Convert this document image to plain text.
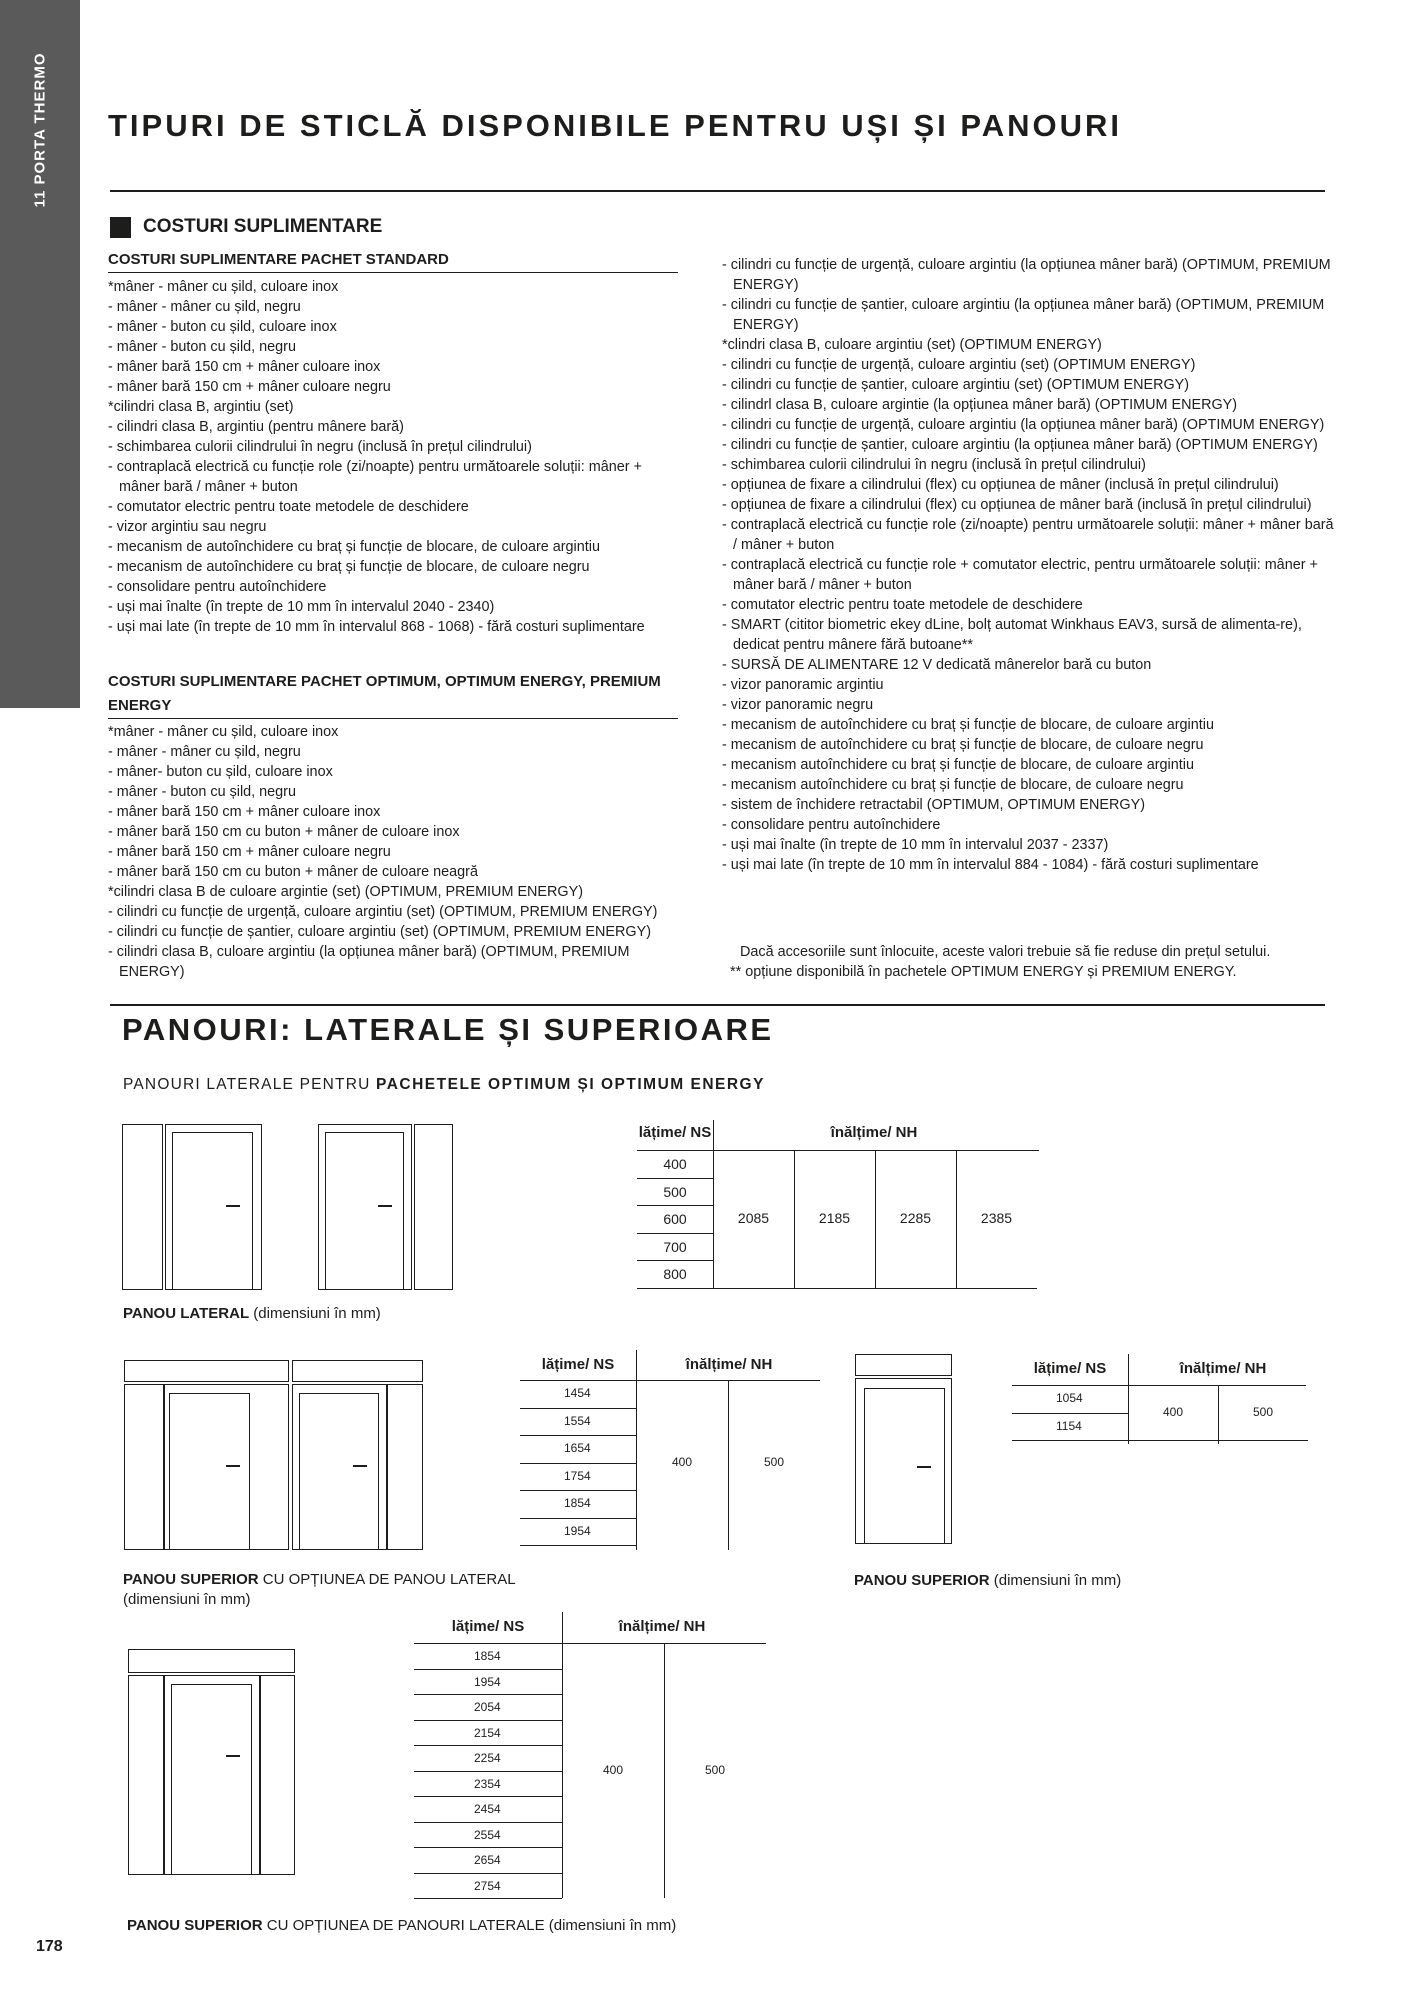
11 PORTA THERMO TIPURI DE STICLĂ DISPONIBILE PENTRU UȘI ȘI PANOURI
COSTURI SUPLIMENTARE
COSTURI SUPLIMENTARE PACHET STANDARD
*mâner - mâner cu șild, culoare inox
- mâner - mâner cu șild, negru
- mâner - buton cu șild, culoare inox
- mâner - buton cu șild, negru
- mâner bară 150 cm + mâner culoare inox
- mâner bară 150 cm + mâner culoare negru
*cilindri clasa B, argintiu (set)
- cilindri clasa B, argintiu (pentru mânere bară)
- schimbarea culorii cilindrului în negru (inclusă în prețul cilindrului)
- contraplacă electrică cu funcție role (zi/noapte) pentru următoarele soluții: mâner + mâner bară / mâner + buton
- comutator electric pentru toate metodele de deschidere
- vizor argintiu sau negru
- mecanism de autoînchidere cu braț și funcție de blocare, de culoare argintiu
- mecanism de autoînchidere cu braț și funcție de blocare, de culoare negru
- consolidare pentru autoînchidere
- uși mai înalte (în trepte de 10 mm în intervalul 2040 - 2340)
- uși mai late (în trepte de 10 mm în intervalul 868 - 1068) - fără costuri suplimentare
COSTURI SUPLIMENTARE PACHET OPTIMUM, OPTIMUM ENERGY, PREMIUM ENERGY
*mâner - mâner cu șild, culoare inox
- mâner - mâner cu șild, negru
- mâner- buton cu șild, culoare inox
- mâner - buton cu șild, negru
- mâner bară 150 cm + mâner culoare inox
- mâner bară 150 cm cu buton + mâner de culoare inox
- mâner bară 150 cm + mâner culoare negru
- mâner bară 150 cm cu buton + mâner de culoare neagră
*cilindri clasa B de culoare argintie (set) (OPTIMUM, PREMIUM ENERGY)
- cilindri cu funcție de urgență, culoare argintiu (set) (OPTIMUM, PREMIUM ENERGY)
- cilindri cu funcție de șantier, culoare argintiu (set) (OPTIMUM, PREMIUM ENERGY)
- cilindri clasa B, culoare argintiu (la opțiunea mâner bară) (OPTIMUM, PREMIUM ENERGY)
- cilindri cu funcție de urgență, culoare argintiu (la opțiunea mâner bară) (OPTIMUM, PREMIUM ENERGY)
- cilindri cu funcție de șantier, culoare argintiu (la opțiunea mâner bară) (OPTIMUM, PREMIUM ENERGY)
*clindri clasa B, culoare argintiu (set) (OPTIMUM ENERGY)
- cilindri cu funcție de urgență, culoare argintiu (set) (OPTIMUM ENERGY)
- cilindri cu funcție de șantier, culoare argintiu (set) (OPTIMUM ENERGY)
- cilindrl clasa B, culoare argintie (la opțiunea mâner bară) (OPTIMUM ENERGY)
- cilindri cu funcție de urgență, culoare argintiu (la opțiunea mâner bară) (OPTIMUM ENERGY)
- cilindri cu funcție de șantier, culoare argintiu (la opțiunea mâner bară) (OPTIMUM ENERGY)
- schimbarea culorii cilindrului în negru (inclusă în prețul cilindrului)
- opțiunea de fixare a cilindrului (flex) cu opțiunea de mâner (inclusă în prețul cilindrului)
- opțiunea de fixare a cilindrului (flex) cu opțiunea de mâner bară (inclusă în prețul cilindrului)
- contraplacă electrică cu funcție role (zi/noapte) pentru următoarele soluții: mâner + mâner bară / mâner + buton
- contraplacă electrică cu funcție role + comutator electric, pentru următoarele soluții: mâner + mâner bară / mâner + buton
- comutator electric pentru toate metodele de deschidere
- SMART (cititor biometric ekey dLine, bolț automat Winkhaus EAV3, sursă de alimenta-re), dedicat pentru mânere fără butoane**
- SURSĂ DE ALIMENTARE 12 V dedicată mânerelor bară cu buton
- vizor panoramic argintiu
- vizor panoramic negru
- mecanism de autoînchidere cu braț și funcție de blocare, de culoare argintiu
- mecanism de autoînchidere cu braț și funcție de blocare, de culoare negru
- mecanism autoînchidere cu braț și funcție de blocare, de culoare argintiu
- mecanism autoînchidere cu braț și funcție de blocare, de culoare negru
- sistem de închidere retractabil (OPTIMUM, OPTIMUM ENERGY)
- consolidare pentru autoînchidere
- uși mai înalte (în trepte de 10 mm în intervalul 2037 - 2337)
- uși mai late (în trepte de 10 mm în intervalul 884 - 1084) - fără costuri suplimentare
Dacă accesoriile sunt înlocuite, aceste valori trebuie să fie reduse din prețul setului.
** opțiune disponibilă în pachetele OPTIMUM ENERGY și PREMIUM ENERGY.
PANOURI: LATERALE ȘI SUPERIOARE
PANOURI LATERALE PENTRU PACHETELE OPTIMUM ȘI OPTIMUM ENERGY
PANOU LATERAL (dimensiuni în mm)
lățime/ NS	înălțime/ NH
400
500
600
700
800
2085	2185	2285	2385
PANOU SUPERIOR CU OPȚIUNEA DE PANOU LATERAL
(dimensiuni în mm)
lățime/ NS	înălțime/ NH
1454
1554
1654
1754
1854
1954
400	500
PANOU SUPERIOR (dimensiuni în mm)
lățime/ NS	înălțime/ NH
1054
1154
400	500
PANOU SUPERIOR CU OPȚIUNEA DE PANOURI LATERALE (dimensiuni în mm)
lățime/ NS	înălțime/ NH
1854
1954
2054
2154
2254
2354
2454
2554
2654
2754
400	500
178
